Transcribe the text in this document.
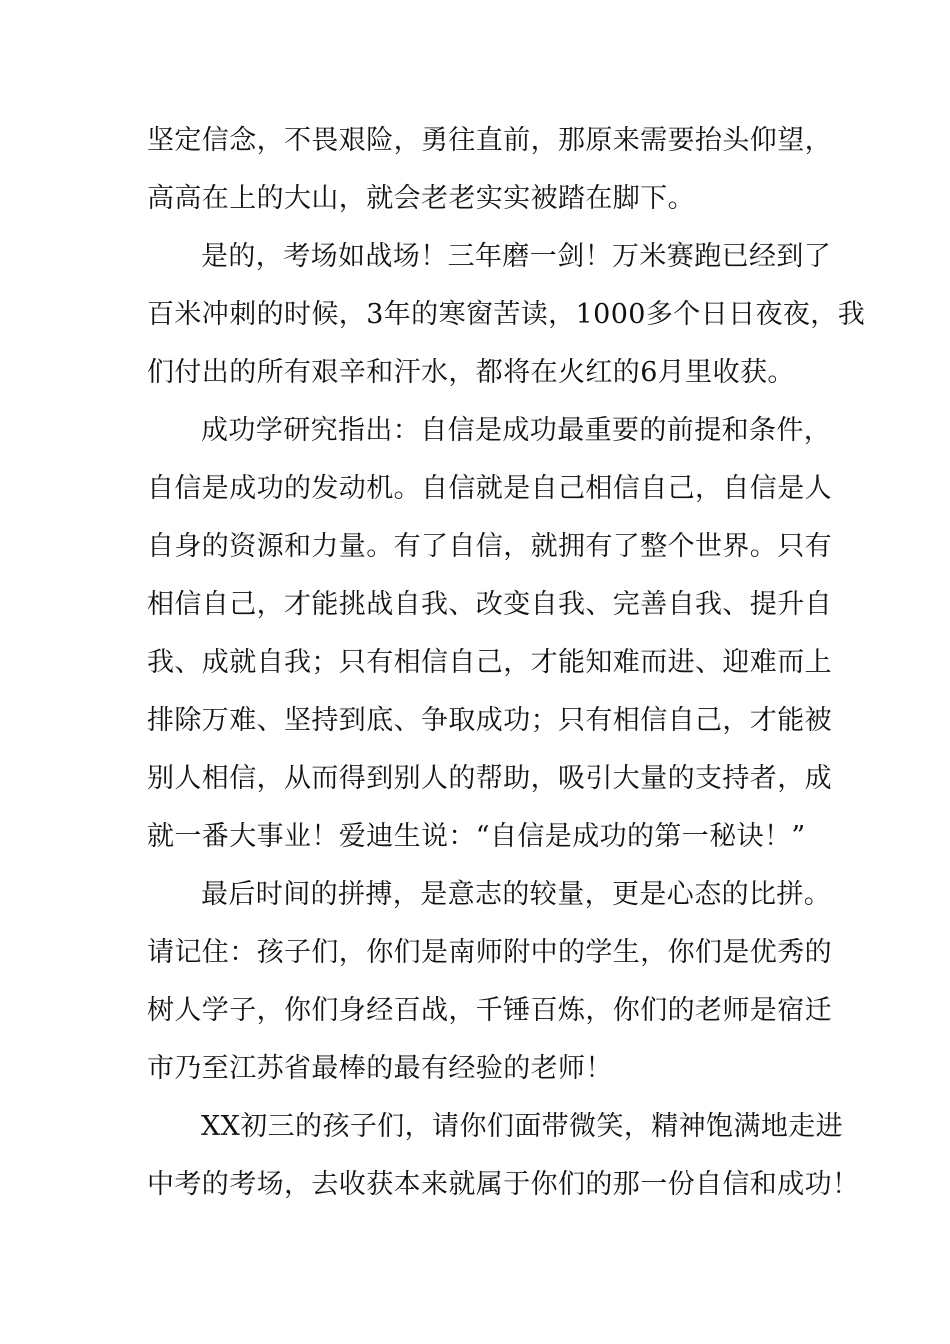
坚定信念，不畏艰险，勇往直前，那原来需要抬头仰望，
高高在上的大山，就会老老实实被踏在脚下。
是的，考场如战场！三年磨一剑！万米赛跑已经到了
百米冲刺的时候，3年的寒窗苦读，1000多个日日夜夜，我
们付出的所有艰辛和汗水，都将在火红的6月里收获。
成功学研究指出：自信是成功最重要的前提和条件，
自信是成功的发动机。自信就是自己相信自己，自信是人
自身的资源和力量。有了自信，就拥有了整个世界。只有
相信自己，才能挑战自我、改变自我、完善自我、提升自
我、成就自我；只有相信自己，才能知难而进、迎难而上
排除万难、坚持到底、争取成功；只有相信自己，才能被
别人相信，从而得到别人的帮助，吸引大量的支持者，成
就一番大事业！爱迪生说：“自信是成功的第一秘诀！”
最后时间的拼搏，是意志的较量，更是心态的比拼。
请记住：孩子们，你们是南师附中的学生，你们是优秀的
树人学子，你们身经百战，千锤百炼，你们的老师是宿迁
市乃至江苏省最棒的最有经验的老师！
XX初三的孩子们，请你们面带微笑，精神饱满地走进
中考的考场，去收获本来就属于你们的那一份自信和成功！
